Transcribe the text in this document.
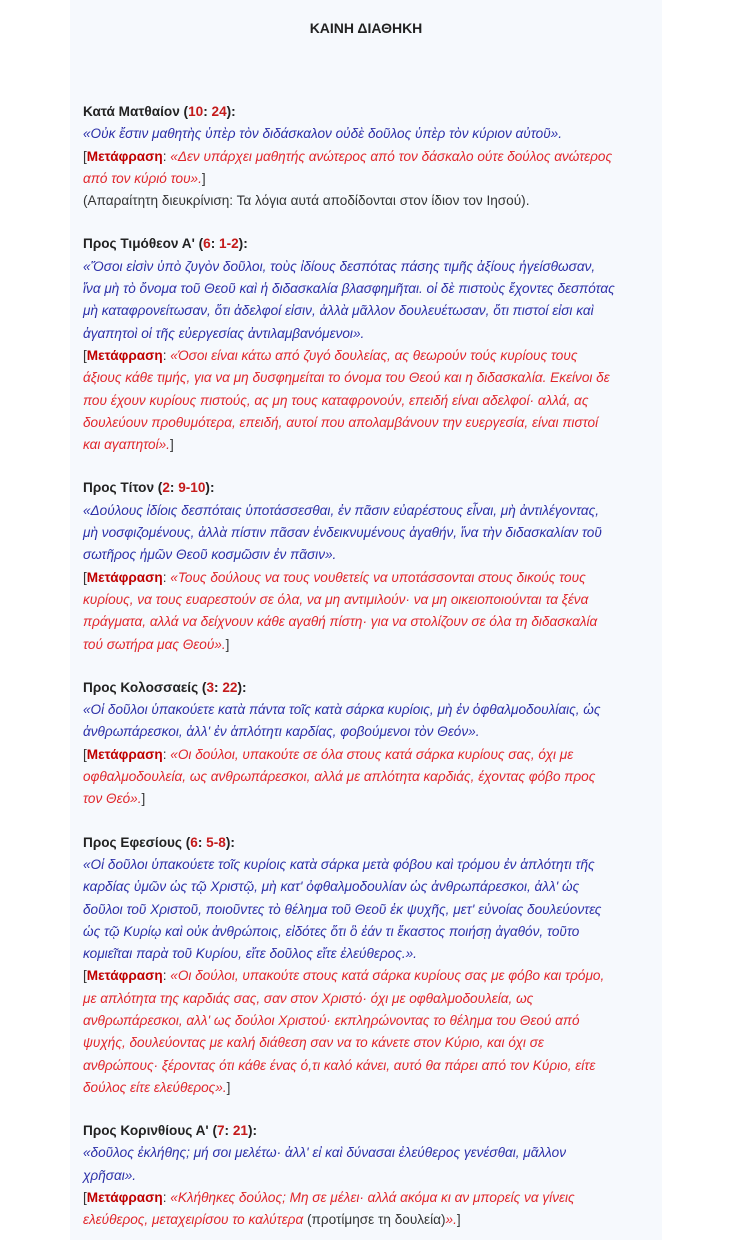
ΚΑΙΝΗ ΔΙΑΘΗΚΗ
Κατά Ματθαίον (10: 24):
«Οὐκ ἔστιν μαθητὴς ὑπὲρ τὸν διδάσκαλον οὐδὲ δοῦλος ὑπὲρ τὸν κύριον αὐτοῦ».
[Μετάφραση: «Δεν υπάρχει μαθητής ανώτερος από τον δάσκαλο ούτε δούλος ανώτερος
από τον κύριό του».]
(Απαραίτητη διευκρίνιση: Τα λόγια αυτά αποδίδονται στον ίδιον τον Ιησού).
Προς Τιμόθεον Α' (6: 1-2):
«Ὅσοι εἰσὶν ὑπὸ ζυγὸν δοῦλοι, τοὺς ἰδίους δεσπότας πάσης τιμῆς ἀξίους ἡγείσθωσαν,
ἵνα μὴ τὸ ὄνομα τοῦ Θεοῦ καὶ ἡ διδασκαλία βλασφημῆται. οἱ δὲ πιστοὺς ἔχοντες δεσπότας
μὴ καταφρονείτωσαν, ὅτι ἀδελφοί εἰσιν, ἀλλὰ μᾶλλον δουλευέτωσαν, ὅτι πιστοί εἰσι καὶ
ἀγαπητοὶ οἱ τῆς εὐεργεσίας ἀντιλαμβανόμενοι».
[Μετάφραση: «Όσοι είναι κάτω από ζυγό δουλείας, ας θεωρούν τούς κυρίους τους
άξιους κάθε τιμής, για να μη δυσφημείται το όνομα του Θεού και η διδασκαλία. Εκείνοι δε
που έχουν κυρίους πιστούς, ας μη τους καταφρονούν, επειδή είναι αδελφοί· αλλά, ας
δουλεύουν προθυμότερα, επειδή, αυτοί που απολαμβάνουν την ευεργεσία, είναι πιστοί
και αγαπητοί».]
Προς Τίτον (2: 9-10):
«Δούλους ἰδίοις δεσπόταις ὑποτάσσεσθαι, ἐν πᾶσιν εὐαρέστους εἶναι, μὴ ἀντιλέγοντας,
μὴ νοσφιζομένους, ἀλλὰ πίστιν πᾶσαν ἐνδεικνυμένους ἀγαθήν, ἵνα τὴν διδασκαλίαν τοῦ
σωτῆρος ἡμῶν Θεοῦ κοσμῶσιν ἐν πᾶσιν».
[Μετάφραση: «Τους δούλους να τους νουθετείς να υποτάσσονται στους δικούς τους
κυρίους, να τους ευαρεστούν σε όλα, να μη αντιμιλούν· να μη οικειοποιούνται τα ξένα
πράγματα, αλλά να δείχνουν κάθε αγαθή πίστη· για να στολίζουν σε όλα τη διδασκαλία
τού σωτήρα μας Θεού».]
Προς Κολοσσαείς (3: 22):
«Οἱ δοῦλοι ὑπακούετε κατὰ πάντα τοῖς κατὰ σάρκα κυρίοις, μὴ ἐν ὀφθαλμοδουλίαις, ὡς
ἀνθρωπάρεσκοι, ἀλλ' ἐν ἁπλότητι καρδίας, φοβούμενοι τὸν Θεόν».
[Μετάφραση: «Οι δούλοι, υπακούτε σε όλα στους κατά σάρκα κυρίους σας, όχι με
οφθαλμοδουλεία, ως ανθρωπάρεσκοι, αλλά με απλότητα καρδιάς, έχοντας φόβο προς
τον Θεό».]
Προς Εφεσίους (6: 5-8):
«Οἱ δοῦλοι ὑπακούετε τοῖς κυρίοις κατὰ σάρκα μετὰ φόβου καὶ τρόμου ἐν ἁπλότητι τῆς
καρδίας ὑμῶν ὡς τῷ Χριστῷ, μὴ κατ' ὀφθαλμοδουλίαν ὡς ἀνθρωπάρεσκοι, ἀλλ' ὡς
δοῦλοι τοῦ Χριστοῦ, ποιοῦντες τὸ θέλημα τοῦ Θεοῦ ἐκ ψυχῆς, μετ' εὐνοίας δουλεύοντες
ὡς τῷ Κυρίῳ καὶ οὐκ ἀνθρώποις, εἰδότες ὅτι ὃ ἐάν τι ἕκαστος ποιήσῃ ἀγαθόν, τοῦτο
κομιεῖται παρὰ τοῦ Κυρίου, εἴτε δοῦλος εἴτε ἐλεύθερος.».
[Μετάφραση: «Οι δούλοι, υπακούτε στους κατά σάρκα κυρίους σας με φόβο και τρόμο,
με απλότητα της καρδιάς σας, σαν στον Χριστό· όχι με οφθαλμοδουλεία, ως
ανθρωπάρεσκοι, αλλ' ως δούλοι Χριστού· εκπληρώνοντας το θέλημα του Θεού από
ψυχής, δουλεύοντας με καλή διάθεση σαν να το κάνετε στον Κύριο, και όχι σε
ανθρώπους· ξέροντας ότι κάθε ένας ό,τι καλό κάνει, αυτό θα πάρει από τον Κύριο, είτε
δούλος είτε ελεύθερος».]
Προς Κορινθίους Α' (7: 21):
«δοῦλος ἐκλήθης; μή σοι μελέτω· ἀλλ' εἰ καὶ δύνασαι ἐλεύθερος γενέσθαι, μᾶλλον
χρῆσαι».
[Μετάφραση: «Κλήθηκες δούλος; Μη σε μέλει· αλλά ακόμα κι αν μπορείς να γίνεις
ελεύθερος, μεταχειρίσου το καλύτερα (προτίμησε τη δουλεία)».]
